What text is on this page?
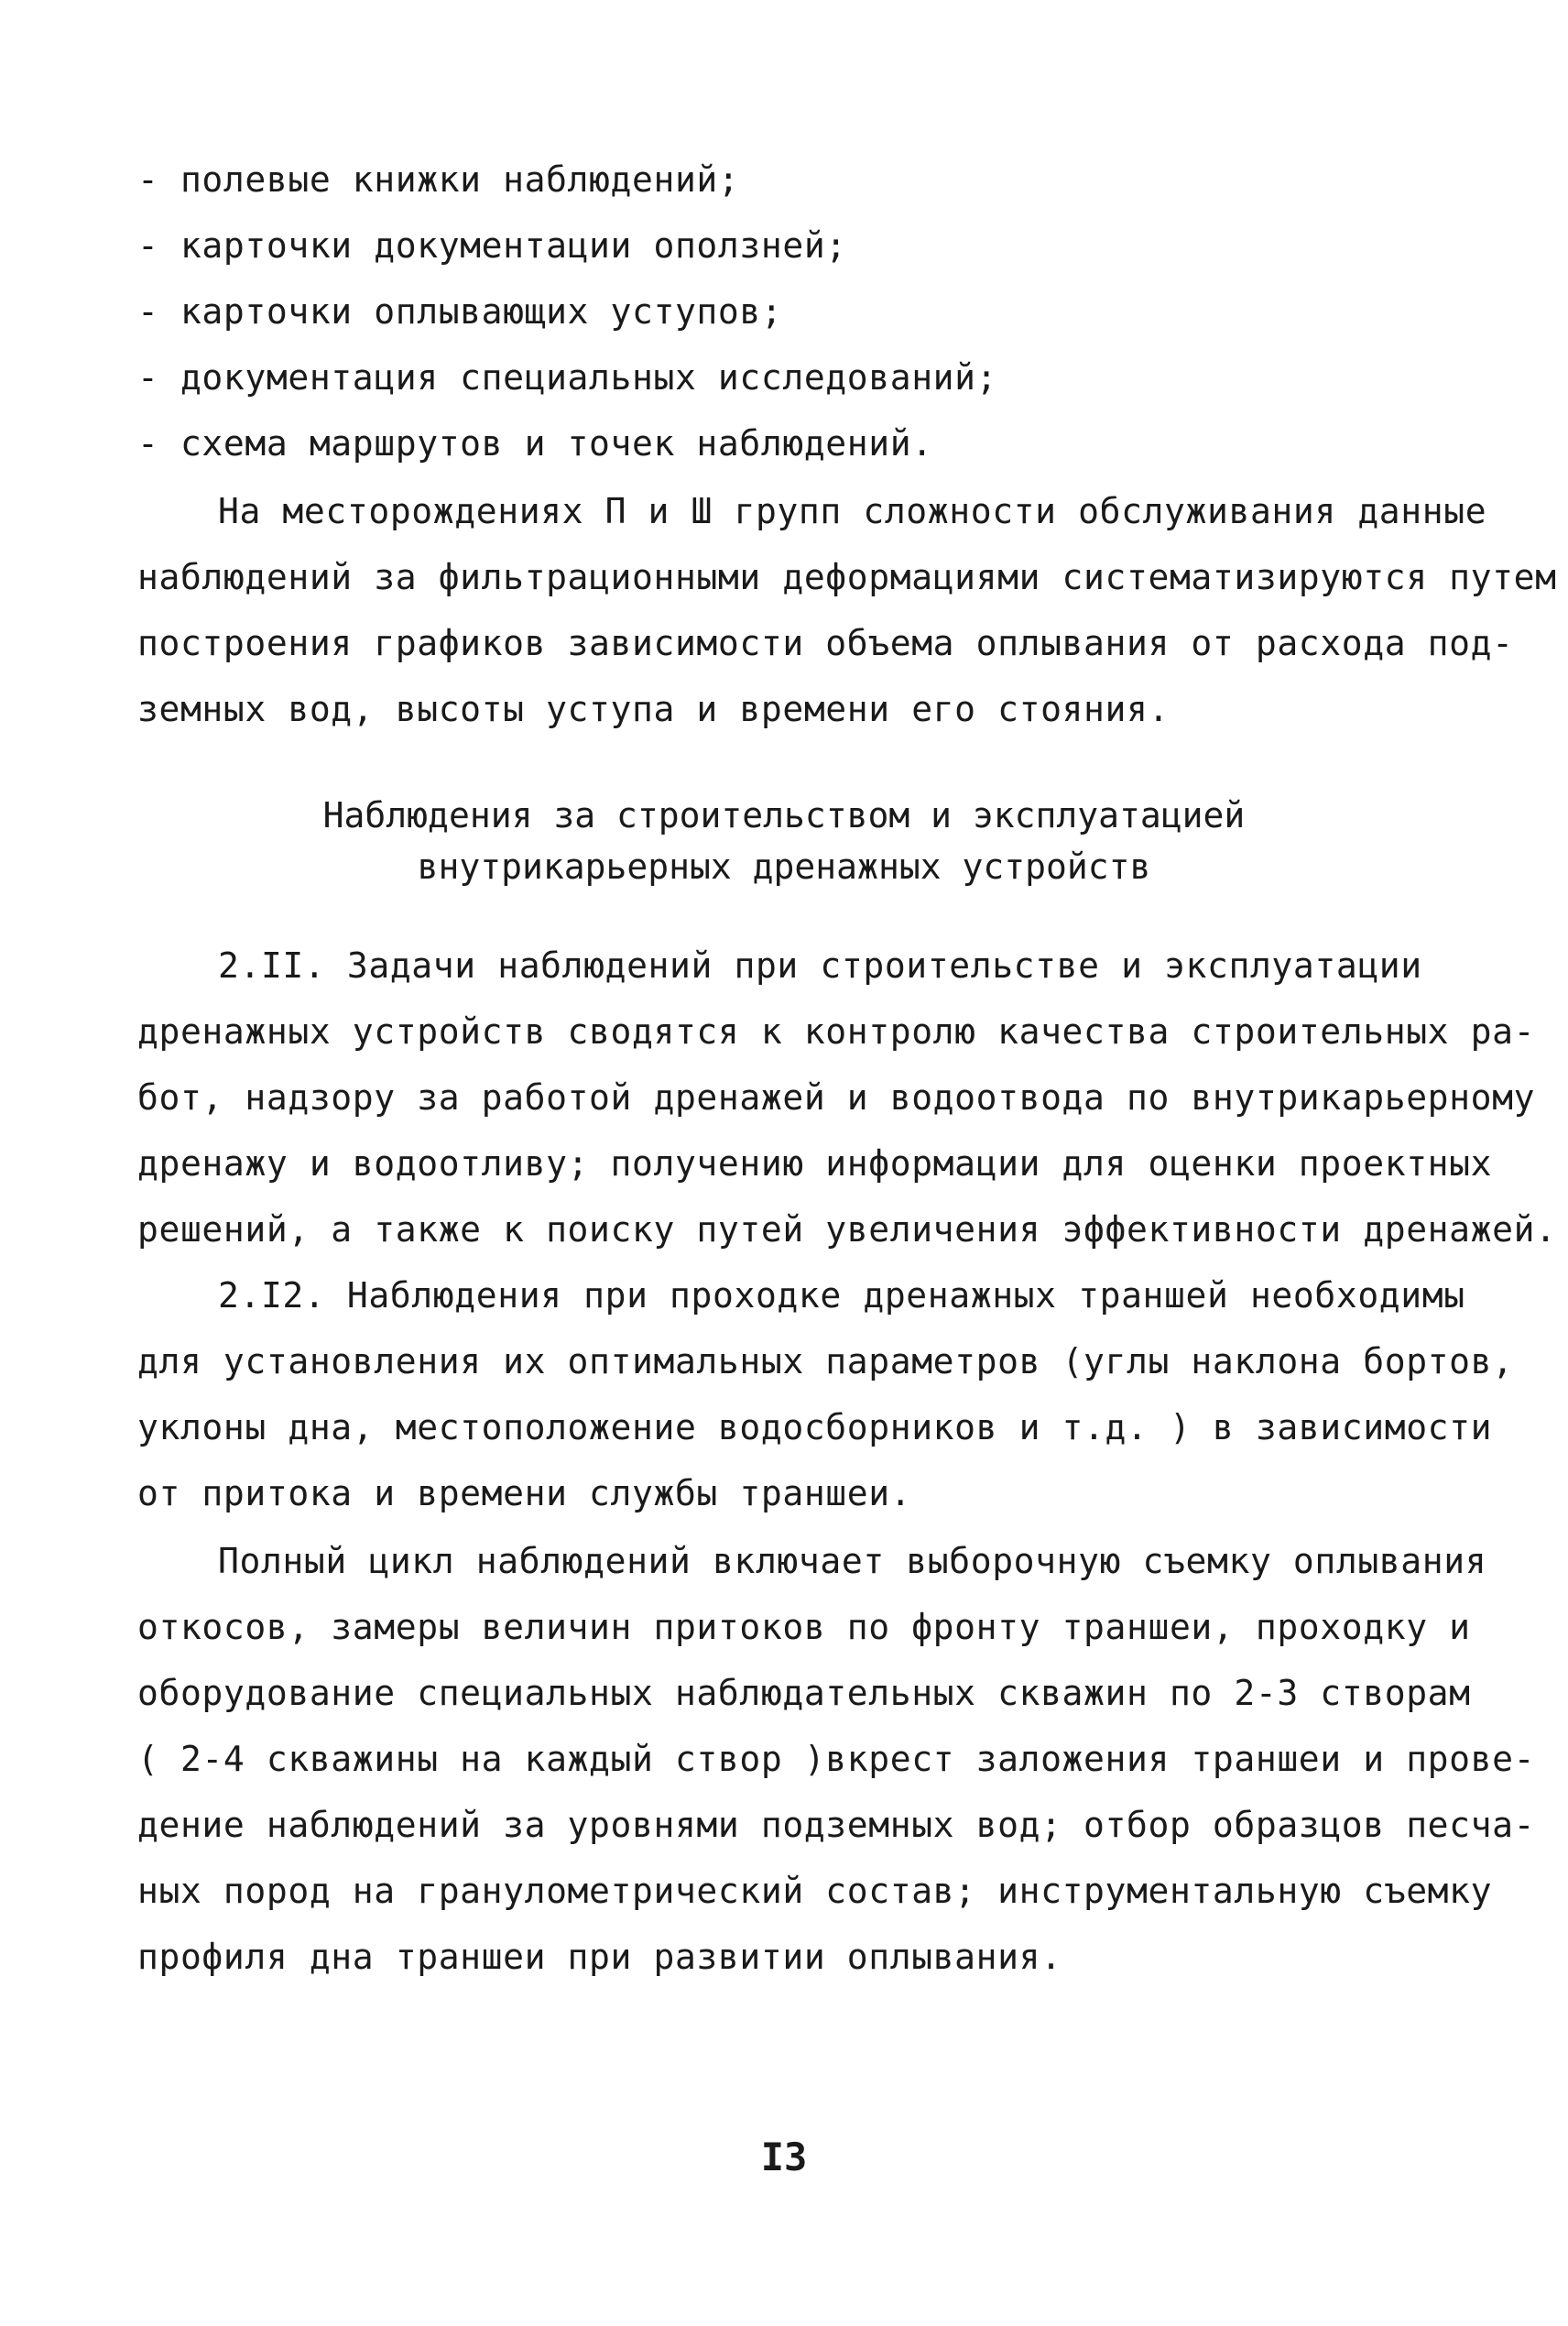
- полевые книжки наблюдений;
- карточки документации оползней;
- карточки оплывающих уступов;
- документация специальных исследований;
- схема маршрутов и точек наблюдений.
На месторождениях П и Ш групп сложности обслуживания данные
наблюдений за фильтрационными деформациями систематизируются путем
построения графиков зависимости объема оплывания от расхода под-
земных вод, высоты уступа и времени его стояния.
Наблюдения за строительством и эксплуатацией
внутрикарьерных дренажных устройств
2.II. Задачи наблюдений при строительстве и эксплуатации
дренажных устройств сводятся к контролю качества строительных ра-
бот, надзору за работой дренажей и водоотвода по внутрикарьерному
дренажу и водоотливу; получению информации для оценки проектных
решений, а также к поиску путей увеличения эффективности дренажей.
2.I2. Наблюдения при проходке дренажных траншей необходимы
для установления их оптимальных параметров (углы наклона бортов,
уклоны дна, местоположение водосборников и т.д. ) в зависимости
от притока и времени службы траншеи.
Полный цикл наблюдений включает выборочную съемку оплывания
откосов, замеры величин притоков по фронту траншеи, проходку и
оборудование специальных наблюдательных скважин по 2-3 створам
( 2-4 скважины на каждый створ )вкрест заложения траншеи и прове-
дение наблюдений за уровнями подземных вод; отбор образцов песча-
ных пород на гранулометрический состав; инструментальную съемку
профиля дна траншеи при развитии оплывания.
I3
